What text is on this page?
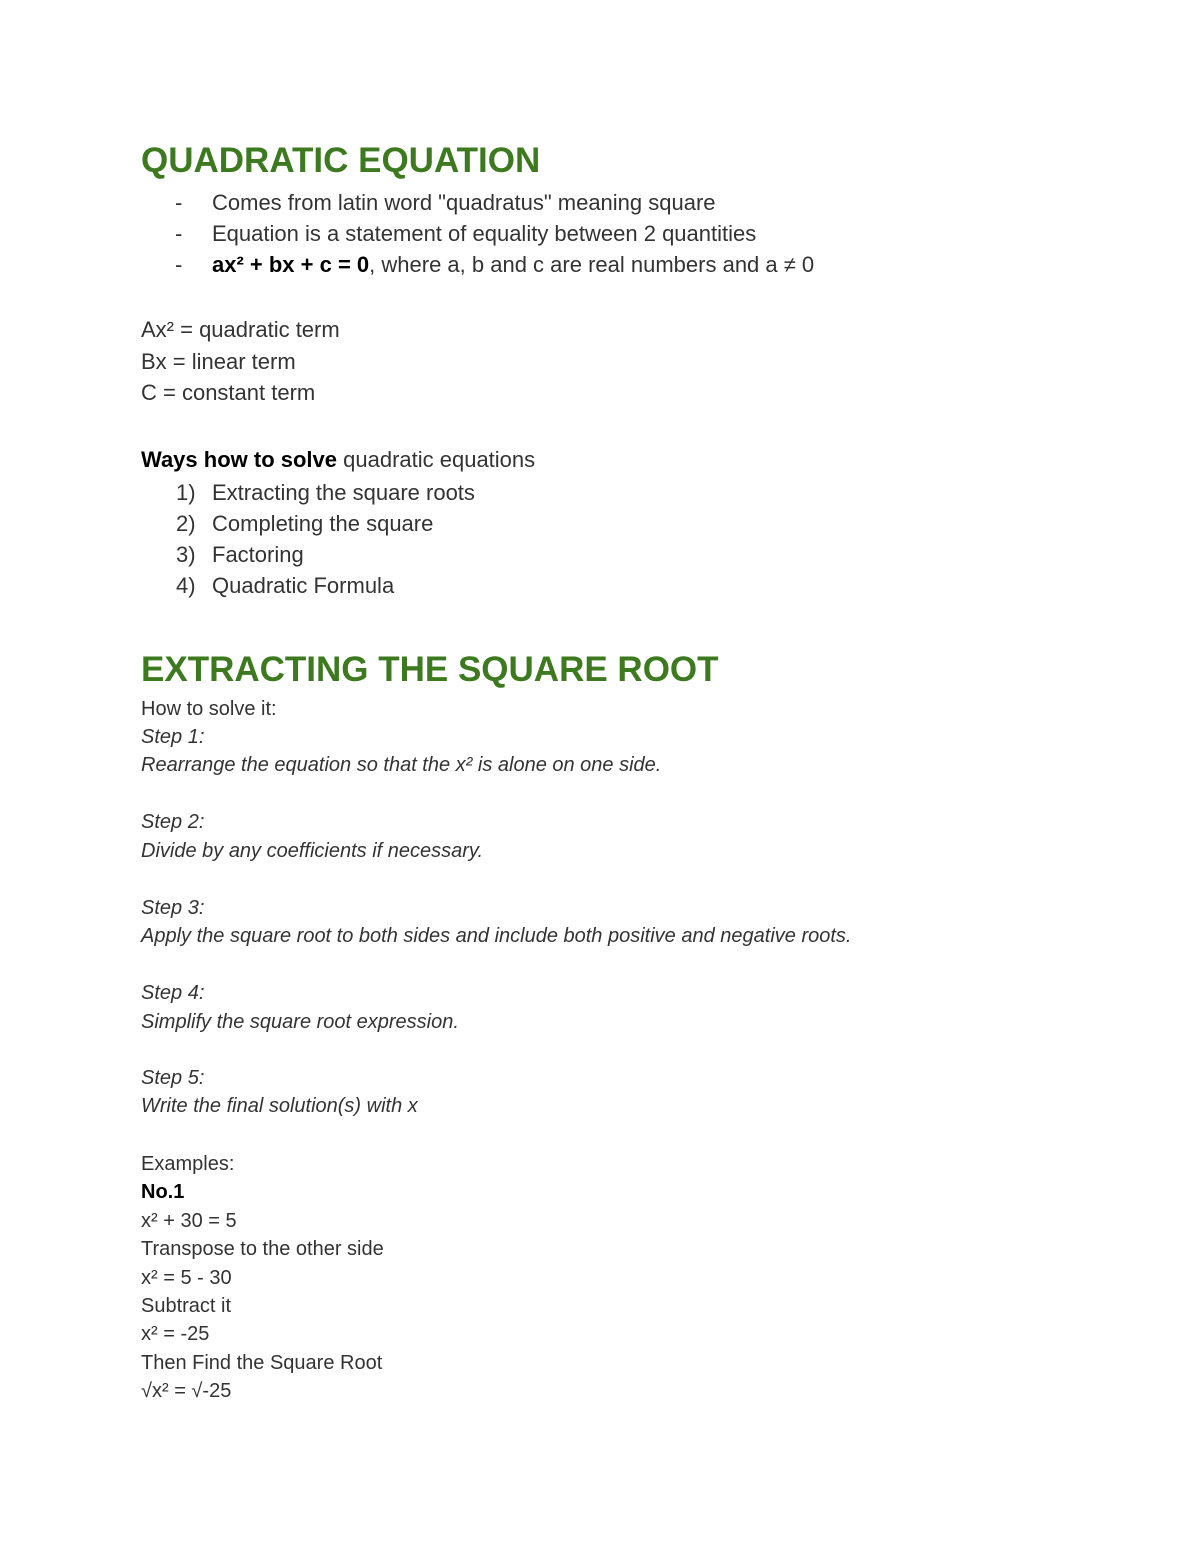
QUADRATIC EQUATION
- Comes from latin word "quadratus" meaning square
- Equation is a statement of equality between 2 quantities
- ax² + bx + c = 0, where a, b and c are real numbers and a ≠ 0
Ax² = quadratic term
Bx = linear term
C = constant term
Ways how to solve quadratic equations
1) Extracting the square roots
2) Completing the square
3) Factoring
4) Quadratic Formula
EXTRACTING THE SQUARE ROOT
How to solve it:
Step 1:
Rearrange the equation so that the x² is alone on one side.
Step 2:
Divide by any coefficients if necessary.
Step 3:
Apply the square root to both sides and include both positive and negative roots.
Step 4:
Simplify the square root expression.
Step 5:
Write the final solution(s) with x
Examples:
No.1
x² + 30 = 5
Transpose to the other side
x² = 5 - 30
Subtract it
x² = -25
Then Find the Square Root
√x² = √-25
